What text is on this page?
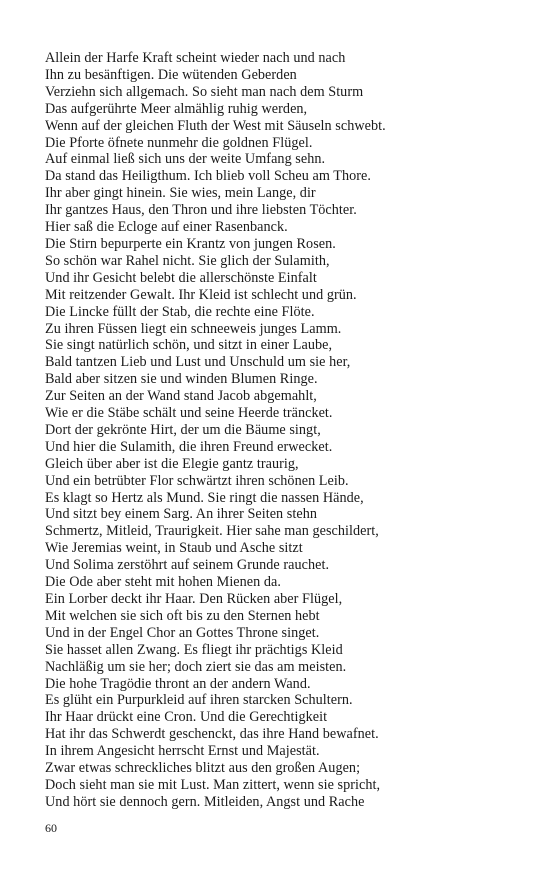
Allein der Harfe Kraft scheint wieder nach und nach
Ihn zu besänftigen. Die wütenden Geberden
Verziehn sich allgemach. So sieht man nach dem Sturm
Das aufgerührte Meer almählig ruhig werden,
Wenn auf der gleichen Fluth der West mit Säuseln schwebt.
Die Pforte öfnete nunmehr die goldnen Flügel.
Auf einmal ließ sich uns der weite Umfang sehn.
Da stand das Heiligthum. Ich blieb voll Scheu am Thore.
Ihr aber gingt hinein. Sie wies, mein Lange, dir
Ihr gantzes Haus, den Thron und ihre liebsten Töchter.
Hier saß die Ecloge auf einer Rasenbanck.
Die Stirn bepurperte ein Krantz von jungen Rosen.
So schön war Rahel nicht. Sie glich der Sulamith,
Und ihr Gesicht belebt die allerschönste Einfalt
Mit reitzender Gewalt. Ihr Kleid ist schlecht und grün.
Die Lincke füllt der Stab, die rechte eine Flöte.
Zu ihren Füssen liegt ein schneeweis junges Lamm.
Sie singt natürlich schön, und sitzt in einer Laube,
Bald tantzen Lieb und Lust und Unschuld um sie her,
Bald aber sitzen sie und winden Blumen Ringe.
Zur Seiten an der Wand stand Jacob abgemahlt,
Wie er die Stäbe schält und seine Heerde träncket.
Dort der gekrönte Hirt, der um die Bäume singt,
Und hier die Sulamith, die ihren Freund erwecket.
Gleich über aber ist die Elegie gantz traurig,
Und ein betrübter Flor schwärtzt ihren schönen Leib.
Es klagt so Hertz als Mund. Sie ringt die nassen Hände,
Und sitzt bey einem Sarg. An ihrer Seiten stehn
Schmertz, Mitleid, Traurigkeit. Hier sahe man geschildert,
Wie Jeremias weint, in Staub und Asche sitzt
Und Solima zerstöhrt auf seinem Grunde rauchet.
Die Ode aber steht mit hohen Mienen da.
Ein Lorber deckt ihr Haar. Den Rücken aber Flügel,
Mit welchen sie sich oft bis zu den Sternen hebt
Und in der Engel Chor an Gottes Throne singet.
Sie hasset allen Zwang. Es fliegt ihr prächtigs Kleid
Nachläßig um sie her; doch ziert sie das am meisten.
Die hohe Tragödie thront an der andern Wand.
Es glüht ein Purpurkleid auf ihren starcken Schultern.
Ihr Haar drückt eine Cron. Und die Gerechtigkeit
Hat ihr das Schwerdt geschenckt, das ihre Hand bewafnet.
In ihrem Angesicht herrscht Ernst und Majestät.
Zwar etwas schreckliches blitzt aus den großen Augen;
Doch sieht man sie mit Lust. Man zittert, wenn sie spricht,
Und hört sie dennoch gern. Mitleiden, Angst und Rache
60
